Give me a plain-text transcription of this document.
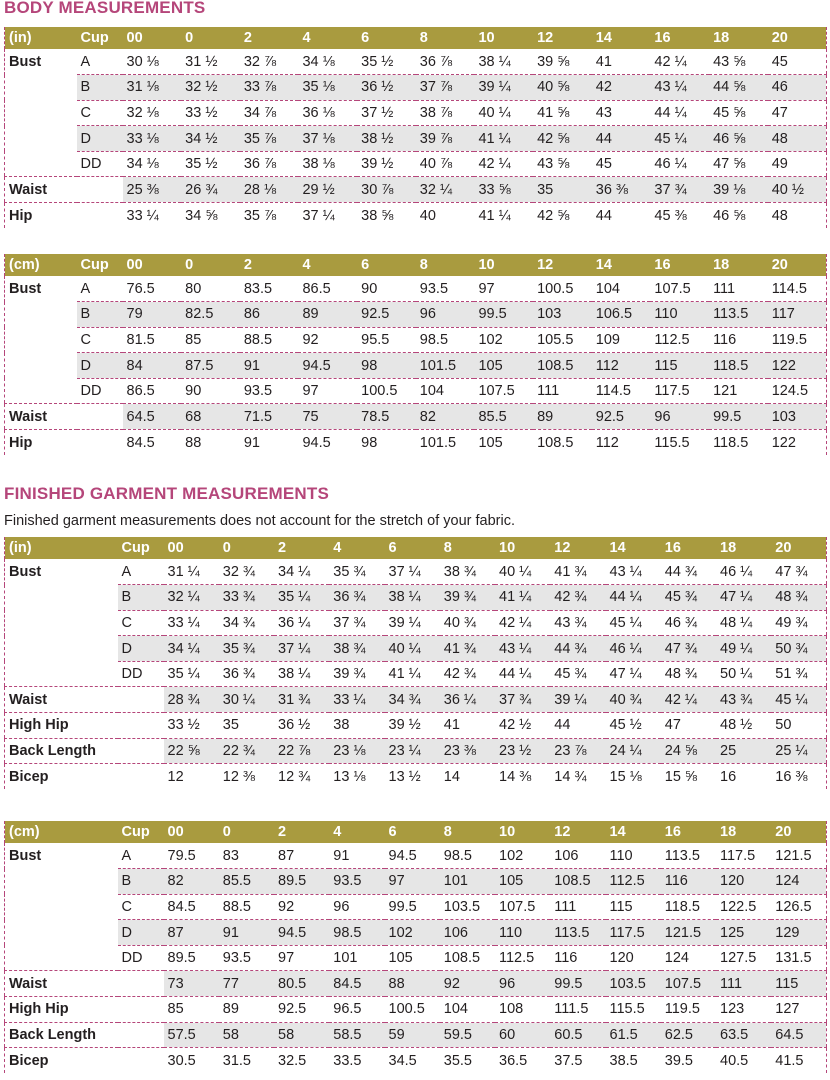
BODY MEASUREMENTS
(in)	Cup	00	0	2	4	6	8	10	12	14	16	18	20
Bust	A	30 ⅛	31 ½	32 ⅞	34 ⅛	35 ½	36 ⅞	38 ¼	39 ⅝	41	42 ¼	43 ⅝	45
	B	31 ⅛	32 ½	33 ⅞	35 ⅛	36 ½	37 ⅞	39 ¼	40 ⅝	42	43 ¼	44 ⅝	46
	C	32 ⅛	33 ½	34 ⅞	36 ⅛	37 ½	38 ⅞	40 ¼	41 ⅝	43	44 ¼	45 ⅝	47
	D	33 ⅛	34 ½	35 ⅞	37 ⅛	38 ½	39 ⅞	41 ¼	42 ⅝	44	45 ¼	46 ⅝	48
	DD	34 ⅛	35 ½	36 ⅞	38 ⅛	39 ½	40 ⅞	42 ¼	43 ⅝	45	46 ¼	47 ⅝	49
Waist		25 ⅜	26 ¾	28 ⅛	29 ½	30 ⅞	32 ¼	33 ⅝	35	36 ⅜	37 ¾	39 ⅛	40 ½
Hip		33 ¼	34 ⅝	35 ⅞	37 ¼	38 ⅝	40	41 ¼	42 ⅝	44	45 ⅜	46 ⅝	48
(cm)	Cup	00	0	2	4	6	8	10	12	14	16	18	20
Bust	A	76.5	80	83.5	86.5	90	93.5	97	100.5	104	107.5	111	114.5
	B	79	82.5	86	89	92.5	96	99.5	103	106.5	110	113.5	117
	C	81.5	85	88.5	92	95.5	98.5	102	105.5	109	112.5	116	119.5
	D	84	87.5	91	94.5	98	101.5	105	108.5	112	115	118.5	122
	DD	86.5	90	93.5	97	100.5	104	107.5	111	114.5	117.5	121	124.5
Waist		64.5	68	71.5	75	78.5	82	85.5	89	92.5	96	99.5	103
Hip		84.5	88	91	94.5	98	101.5	105	108.5	112	115.5	118.5	122
FINISHED GARMENT MEASUREMENTS

Finished garment measurements does not account for the stretch of your fabric.

(in)	Cup	00	0	2	4	6	8	10	12	14	16	18	20
Bust	A	31 ¼	32 ¾	34 ¼	35 ¾	37 ¼	38 ¾	40 ¼	41 ¾	43 ¼	44 ¾	46 ¼	47 ¾
	B	32 ¼	33 ¾	35 ¼	36 ¾	38 ¼	39 ¾	41 ¼	42 ¾	44 ¼	45 ¾	47 ¼	48 ¾
	C	33 ¼	34 ¾	36 ¼	37 ¾	39 ¼	40 ¾	42 ¼	43 ¾	45 ¼	46 ¾	48 ¼	49 ¾
	D	34 ¼	35 ¾	37 ¼	38 ¾	40 ¼	41 ¾	43 ¼	44 ¾	46 ¼	47 ¾	49 ¼	50 ¾
	DD	35 ¼	36 ¾	38 ¼	39 ¾	41 ¼	42 ¾	44 ¼	45 ¾	47 ¼	48 ¾	50 ¼	51 ¾
Waist		28 ¾	30 ¼	31 ¾	33 ¼	34 ¾	36 ¼	37 ¾	39 ¼	40 ¾	42 ¼	43 ¾	45 ¼
High Hip		33 ½	35	36 ½	38	39 ½	41	42 ½	44	45 ½	47	48 ½	50
Back Length		22 ⅝	22 ¾	22 ⅞	23 ⅛	23 ¼	23 ⅜	23 ½	23 ⅞	24 ¼	24 ⅝	25	25 ¼
Bicep		12	12 ⅜	12 ¾	13 ⅛	13 ½	14	14 ⅜	14 ¾	15 ⅛	15 ⅝	16	16 ⅜
(cm)	Cup	00	0	2	4	6	8	10	12	14	16	18	20
Bust	A	79.5	83	87	91	94.5	98.5	102	106	110	113.5	117.5	121.5
	B	82	85.5	89.5	93.5	97	101	105	108.5	112.5	116	120	124
	C	84.5	88.5	92	96	99.5	103.5	107.5	111	115	118.5	122.5	126.5
	D	87	91	94.5	98.5	102	106	110	113.5	117.5	121.5	125	129
	DD	89.5	93.5	97	101	105	108.5	112.5	116	120	124	127.5	131.5
Waist		73	77	80.5	84.5	88	92	96	99.5	103.5	107.5	111	115
High Hip		85	89	92.5	96.5	100.5	104	108	111.5	115.5	119.5	123	127
Back Length		57.5	58	58	58.5	59	59.5	60	60.5	61.5	62.5	63.5	64.5
Bicep		30.5	31.5	32.5	33.5	34.5	35.5	36.5	37.5	38.5	39.5	40.5	41.5
